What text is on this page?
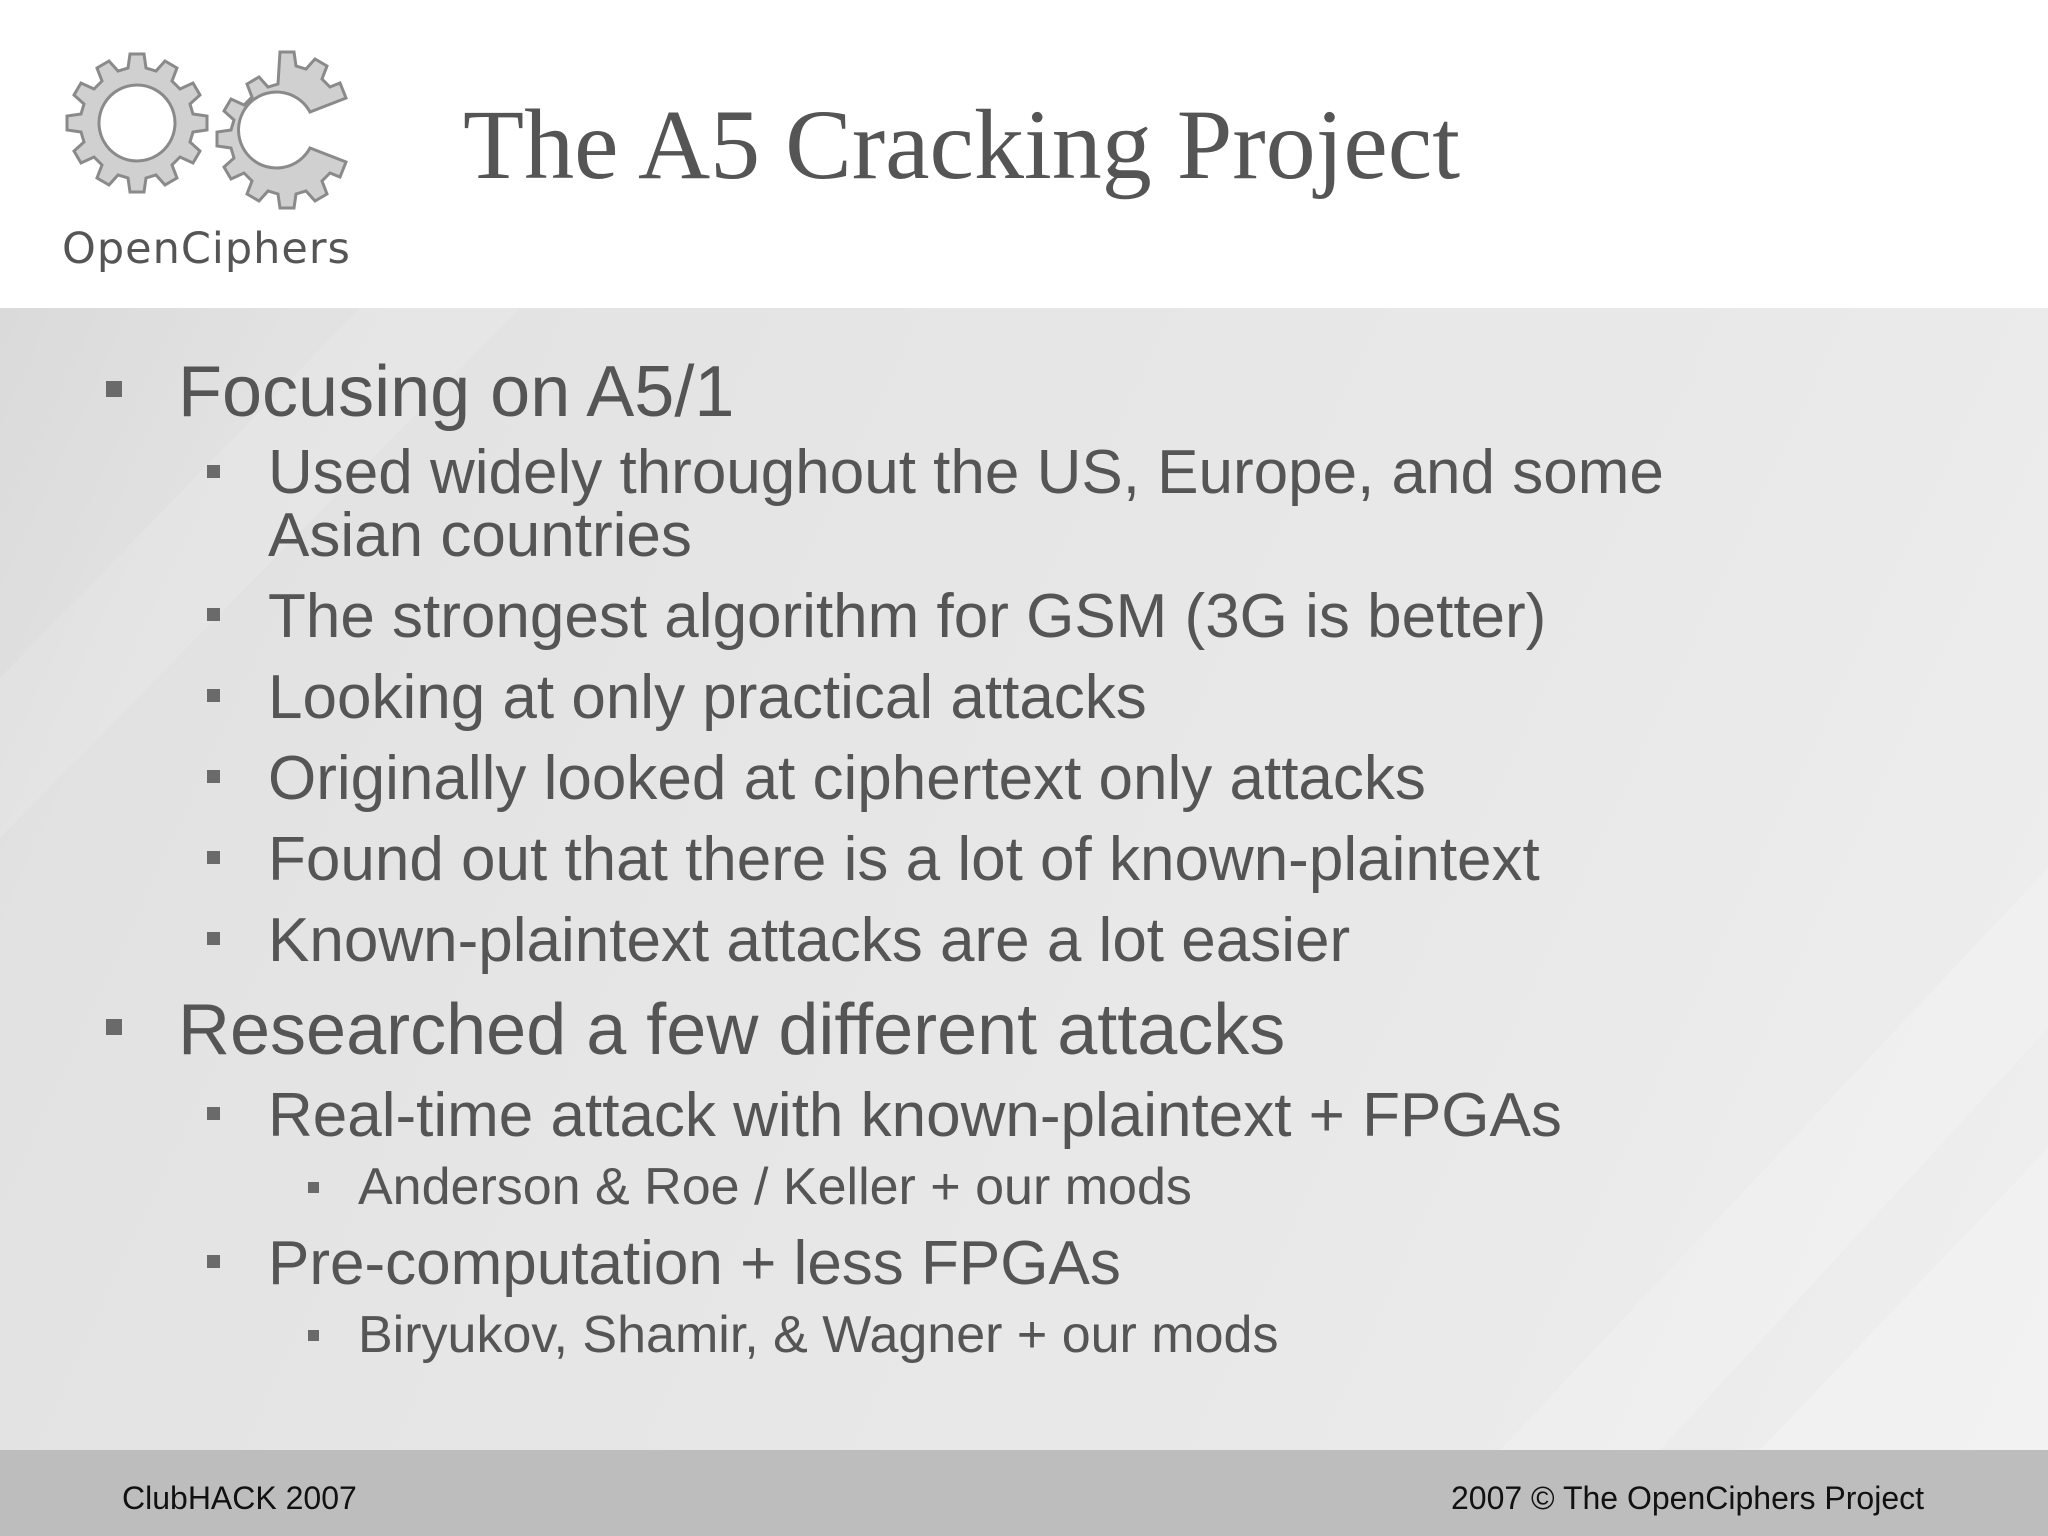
OpenCiphers
The A5 Cracking Project
Focusing on A5/1
Used widely throughout the US, Europe, and some
Asian countries
The strongest algorithm for GSM (3G is better)
Looking at only practical attacks
Originally looked at ciphertext only attacks
Found out that there is a lot of known-plaintext
Known-plaintext attacks are a lot easier
Researched a few different attacks
Real-time attack with known-plaintext + FPGAs
Anderson & Roe / Keller + our mods
Pre-computation + less FPGAs
Biryukov, Shamir, & Wagner + our mods
ClubHACK 2007	2007 © The OpenCiphers Project
